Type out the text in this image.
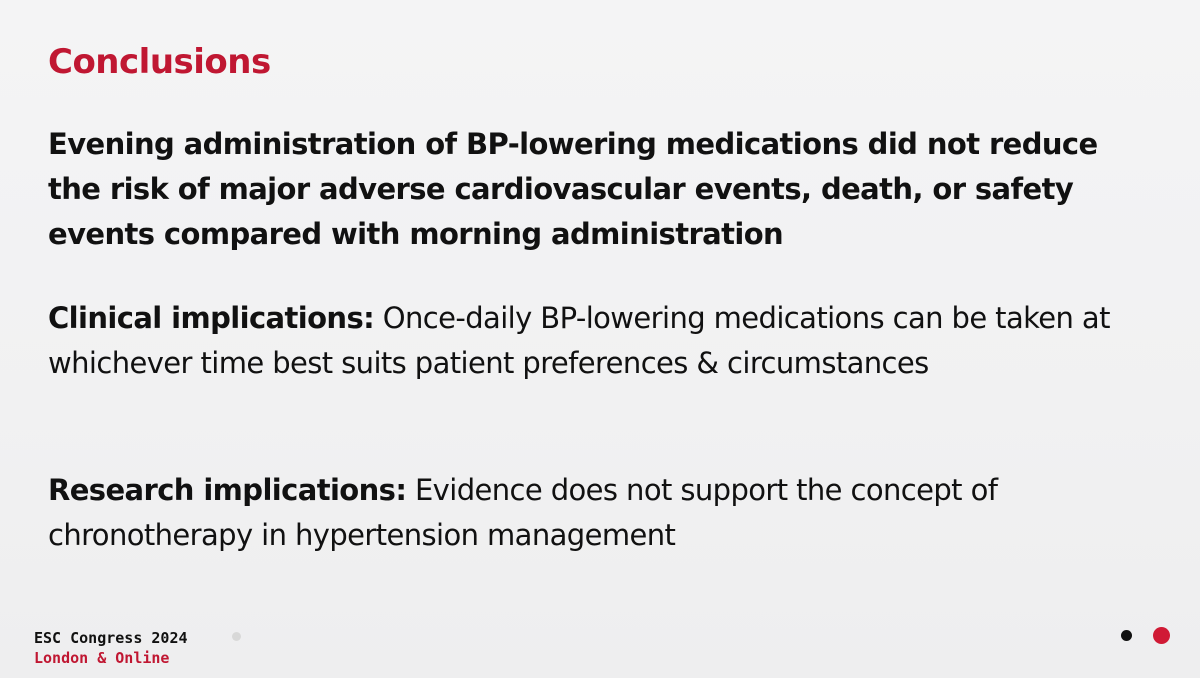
Conclusions

Evening administration of BP-lowering medications did not reduce the risk of major adverse cardiovascular events, death, or safety events compared with morning administration

Clinical implications: Once-daily BP-lowering medications can be taken at whichever time best suits patient preferences & circumstances

Research implications: Evidence does not support the concept of chronotherapy in hypertension management

ESC Congress 2024
London & Online
